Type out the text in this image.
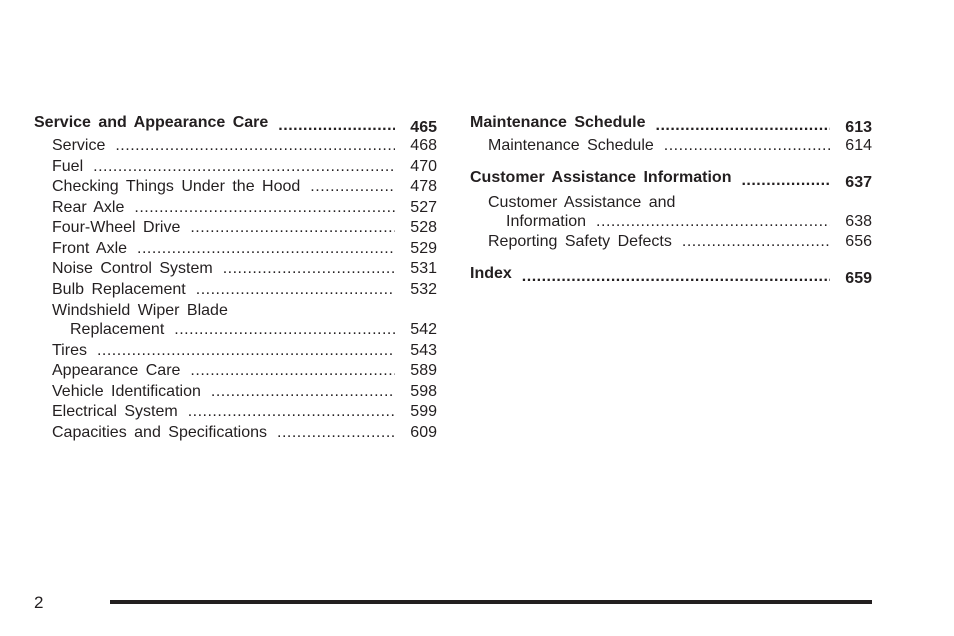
Service and Appearance Care .....	465
Service .....	468
Fuel .....	470
Checking Things Under the Hood .....	478
Rear Axle .....	527
Four-Wheel Drive .....	528
Front Axle .....	529
Noise Control System .....	531
Bulb Replacement .....	532
Windshield Wiper Blade
Replacement .....	542
Tires .....	543
Appearance Care .....	589
Vehicle Identification .....	598
Electrical System .....	599
Capacities and Specifications .....	609
Maintenance Schedule .....	613
Maintenance Schedule .....	614
Customer Assistance Information .....	637
Customer Assistance and
Information .....	638
Reporting Safety Defects .....	656
Index .....	659
2
